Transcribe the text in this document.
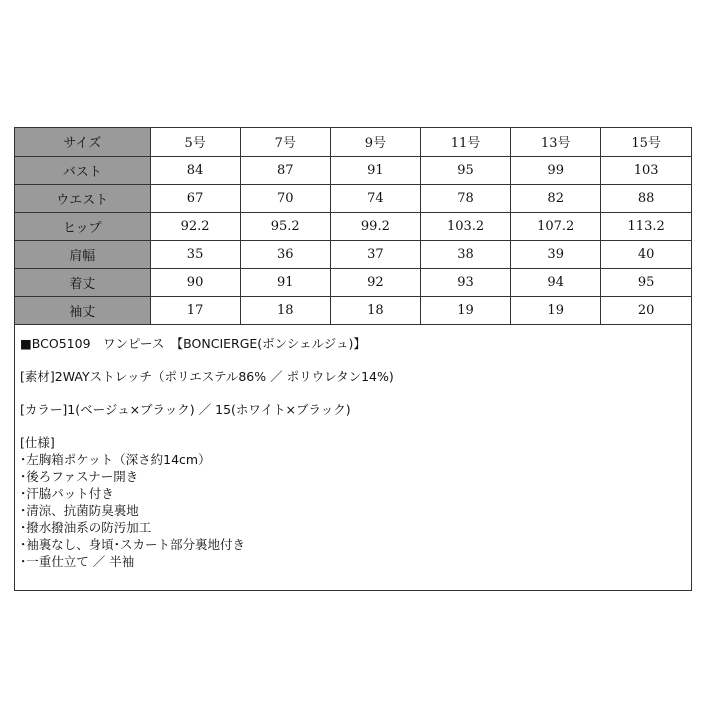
サイズ	5号	7号	9号	11号	13号	15号
バスト	84	87	91	95	99	103
ウエスト	67	70	74	78	82	88
ヒップ	92.2	95.2	99.2	103.2	107.2	113.2
肩幅	35	36	37	38	39	40
着丈	90	91	92	93	94	95
袖丈	17	18	18	19	19	20
■BCO5109　ワンピース　【BONCIERGE(ボンシェルジュ)】
[素材]2WAYストレッチ（ポリエステル86% ／ ポリウレタン14%)
[カラー]1(ベージュ×ブラック) ／ 15(ホワイト×ブラック)
[仕様]
･左胸箱ポケット（深さ約14cm）
･後ろファスナー開き
･汗脇パット付き
･清涼、抗菌防臭裏地
･撥水撥油系の防汚加工
･袖裏なし、身頃･スカート部分裏地付き
･一重仕立て ／ 半袖
